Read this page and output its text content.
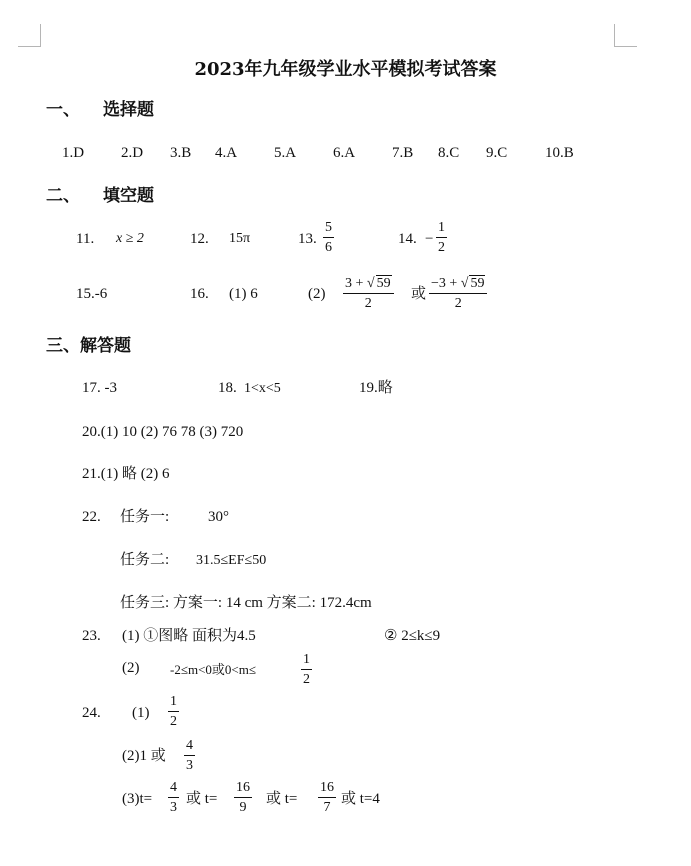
2023年九年级学业水平模拟考试答案
一、 选择题
1.D 2.D 3.B 4.A 5.A 6.A 7.B 8.C 9.C	10.B
二、 填空题
11. x ≥ 2	12. 15π	13. $\frac{5}{6}$	14. − $\frac{1}{2}$
15.-6	16. (1) 6	$(2) \frac{3 + √ 59}{2}$ 或 $\frac{-3 + √ 59}{2}$
三、解答题
17. -3	18. 1<x<5	19.略
20.(1) 10 (2) 76 78 (3) 720
21.(1) 略 (2) 6
22. 任务一:	30°
任务二: 31.5≤EF≤50
任务三: 方案一: 14 cm 方案二: 172.4cm
23. (1) ①图略 面积为4.5	② 2≤k≤9
(2) -2≤m<0或0<m≤	$\frac{1}{2}$
24. $(1) \frac{1}{2}$
(2)1 或 $\frac{4}{3}$
$(3)t= \frac{4}{3}$ 或 $t= \frac{16}{9}$ 或 $t= \frac{16}{7}$ 或 t=4
